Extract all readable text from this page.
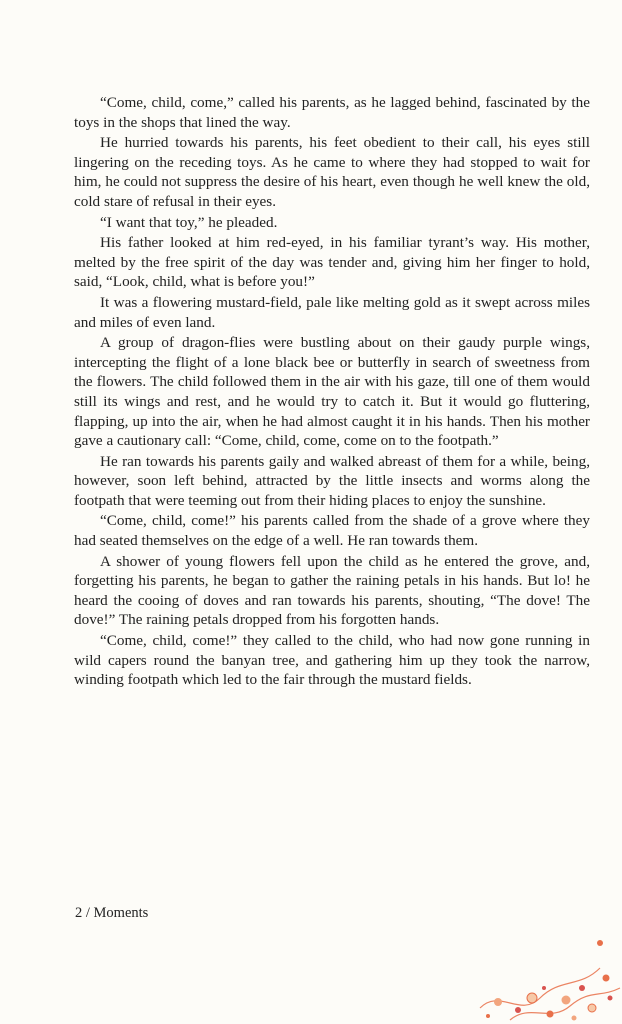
“Come, child, come,” called his parents, as he lagged behind, fascinated by the toys in the shops that lined the way.

He hurried towards his parents, his feet obedient to their call, his eyes still lingering on the receding toys. As he came to where they had stopped to wait for him, he could not suppress the desire of his heart, even though he well knew the old, cold stare of refusal in their eyes.

“I want that toy,” he pleaded.

His father looked at him red-eyed, in his familiar tyrant’s way. His mother, melted by the free spirit of the day was tender and, giving him her finger to hold, said, “Look, child, what is before you!”

It was a flowering mustard-field, pale like melting gold as it swept across miles and miles of even land.

A group of dragon-flies were bustling about on their gaudy purple wings, intercepting the flight of a lone black bee or butterfly in search of sweetness from the flowers. The child followed them in the air with his gaze, till one of them would still its wings and rest, and he would try to catch it. But it would go fluttering, flapping, up into the air, when he had almost caught it in his hands. Then his mother gave a cautionary call: “Come, child, come, come on to the footpath.”

He ran towards his parents gaily and walked abreast of them for a while, being, however, soon left behind, attracted by the little insects and worms along the footpath that were teeming out from their hiding places to enjoy the sunshine.

“Come, child, come!” his parents called from the shade of a grove where they had seated themselves on the edge of a well. He ran towards them.

A shower of young flowers fell upon the child as he entered the grove, and, forgetting his parents, he began to gather the raining petals in his hands. But lo! he heard the cooing of doves and ran towards his parents, shouting, “The dove! The dove!” The raining petals dropped from his forgotten hands.

“Come, child, come!” they called to the child, who had now gone running in wild capers round the banyan tree, and gathering him up they took the narrow, winding footpath which led to the fair through the mustard fields.

2 / Moments
